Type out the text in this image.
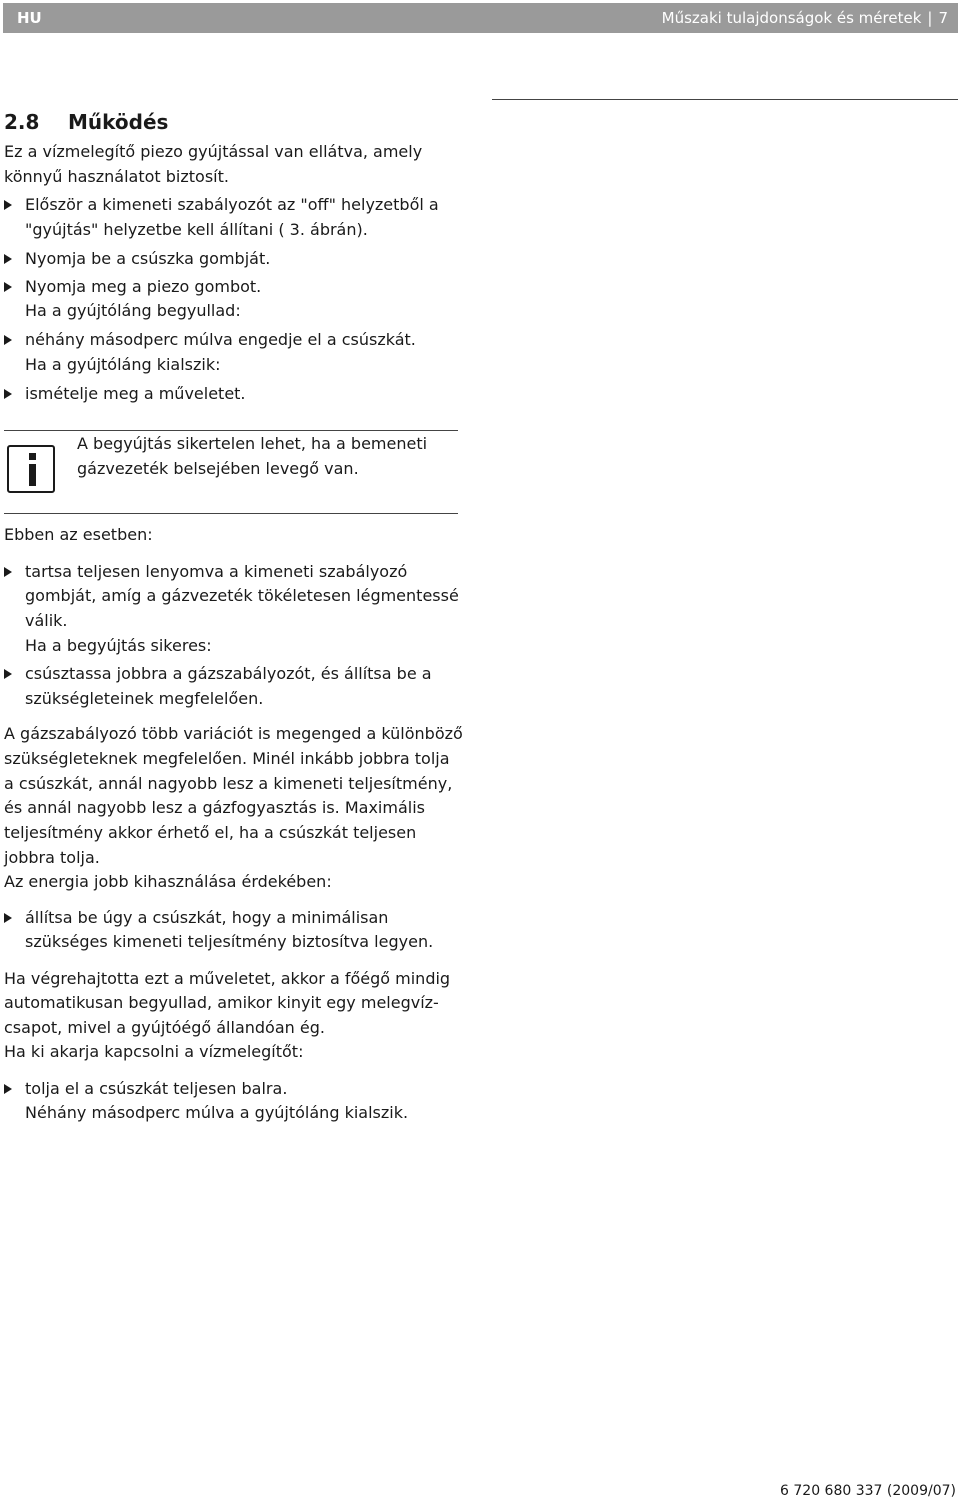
HU	Műszaki tulajdonságok és méretek | 7
2.8 Működés
Ez a vízmelegítő piezo gyújtással van ellátva, amely
könnyű használatot biztosít.
Először a kimeneti szabályozót az "off" helyzetből a
"gyújtás" helyzetbe kell állítani ( 3. ábrán).
Nyomja be a csúszka gombját.
Nyomja meg a piezo gombot.
Ha a gyújtóláng begyullad:
néhány másodperc múlva engedje el a csúszkát.
Ha a gyújtóláng kialszik:
ismételje meg a műveletet.
A begyújtás sikertelen lehet, ha a bemeneti
gázvezeték belsejében levegő van.
Ebben az esetben:
tartsa teljesen lenyomva a kimeneti szabályozó
gombját, amíg a gázvezeték tökéletesen légmentessé
válik.
Ha a begyújtás sikeres:
csúsztassa jobbra a gázszabályozót, és állítsa be a
szükségleteinek megfelelően.
A gázszabályozó több variációt is megenged a különböző
szükségleteknek megfelelően. Minél inkább jobbra tolja
a csúszkát, annál nagyobb lesz a kimeneti teljesítmény,
és annál nagyobb lesz a gázfogyasztás is. Maximális
teljesítmény akkor érhető el, ha a csúszkát teljesen
jobbra tolja.
Az energia jobb kihasználása érdekében:
állítsa be úgy a csúszkát, hogy a minimálisan
szükséges kimeneti teljesítmény biztosítva legyen.
Ha végrehajtotta ezt a műveletet, akkor a főégő mindig
automatikusan begyullad, amikor kinyit egy melegvíz-
csapot, mivel a gyújtóégő állandóan ég.
Ha ki akarja kapcsolni a vízmelegítőt:
tolja el a csúszkát teljesen balra.
Néhány másodperc múlva a gyújtóláng kialszik.
6 720 680 337 (2009/07)
